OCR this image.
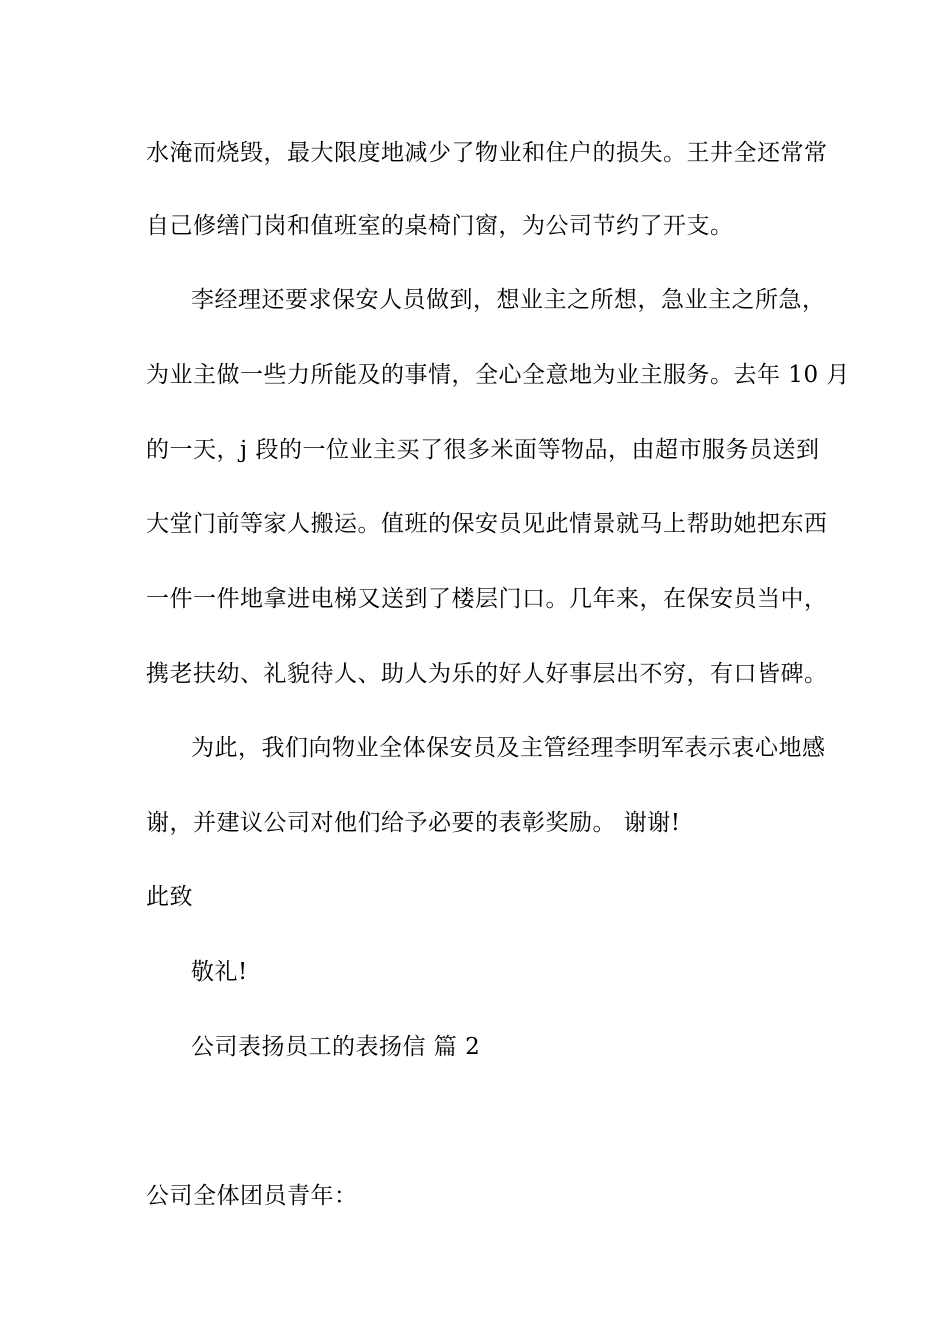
水淹而烧毁，最大限度地减少了物业和住户的损失。王井全还常常
自己修缮门岗和值班室的桌椅门窗，为公司节约了开支。
李经理还要求保安人员做到，想业主之所想，急业主之所急，
为业主做一些力所能及的事情，全心全意地为业主服务。去年 10 月
的一天，j 段的一位业主买了很多米面等物品，由超市服务员送到
大堂门前等家人搬运。值班的保安员见此情景就马上帮助她把东西
一件一件地拿进电梯又送到了楼层门口。几年来，在保安员当中，
携老扶幼、礼貌待人、助人为乐的好人好事层出不穷，有口皆碑。
为此，我们向物业全体保安员及主管经理李明军表示衷心地感
谢，并建议公司对他们给予必要的表彰奖励。 谢谢!
此致
敬礼!
公司表扬员工的表扬信 篇 2
公司全体团员青年：
